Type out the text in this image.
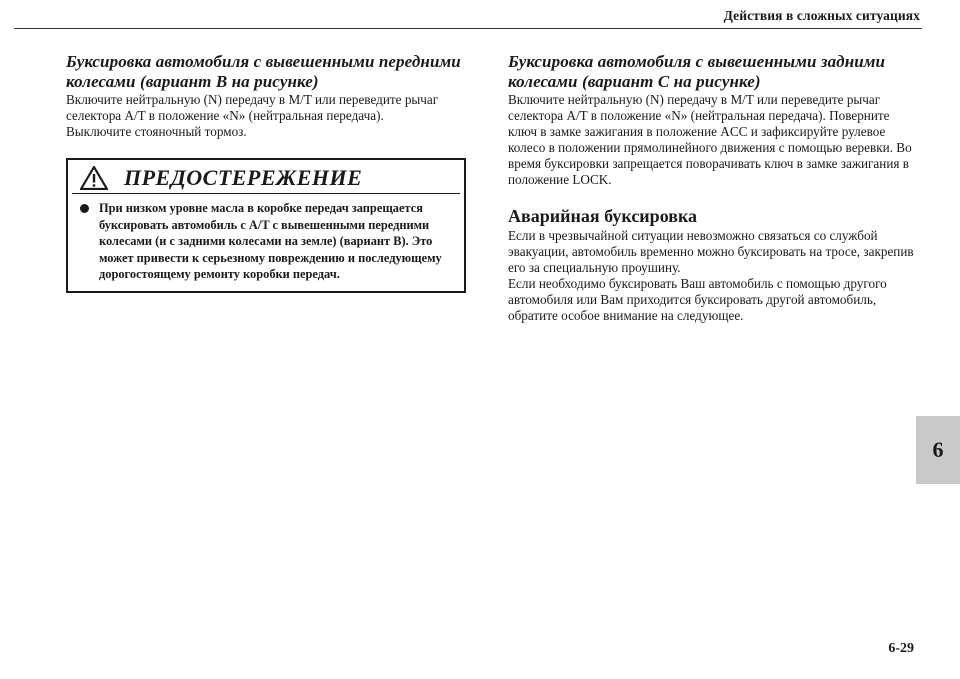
Действия в сложных ситуациях
Буксировка автомобиля с вывешенными передними колесами (вариант B на рисунке)

Включите нейтральную (N) передачу в M/T или переведите рычаг селектора A/T в положение «N» (нейтральная передача).

Выключите стояночный тормоз.

ПРЕДОСТЕРЕЖЕНИЕ
При низком уровне масла в коробке передач запрещается буксировать автомобиль с A/T с вывешенными передними колесами (и с задними колесами на земле) (вариант B). Это может привести к серьезному повреждению и последующему дорогостоящему ремонту коробки передач.
Буксировка автомобиля с вывешенными задними колесами (вариант C на рисунке)

Включите нейтральную (N) передачу в M/T или переведите рычаг селектора A/T в положение «N» (нейтральная передача). Поверните ключ в замке зажигания в положение ACC и зафиксируйте рулевое колесо в положении прямолинейного движения с помощью веревки. Во время буксировки запрещается поворачивать ключ в замке зажигания в положение LOCK.

Аварийная буксировка

Если в чрезвычайной ситуации невозможно связаться со службой эвакуации, автомобиль временно можно буксировать на тросе, закрепив его за специальную проушину.

Если необходимо буксировать Ваш автомобиль с помощью другого автомобиля или Вам приходится буксировать другой автомобиль, обратите особое внимание на следующее.

6
6-29
